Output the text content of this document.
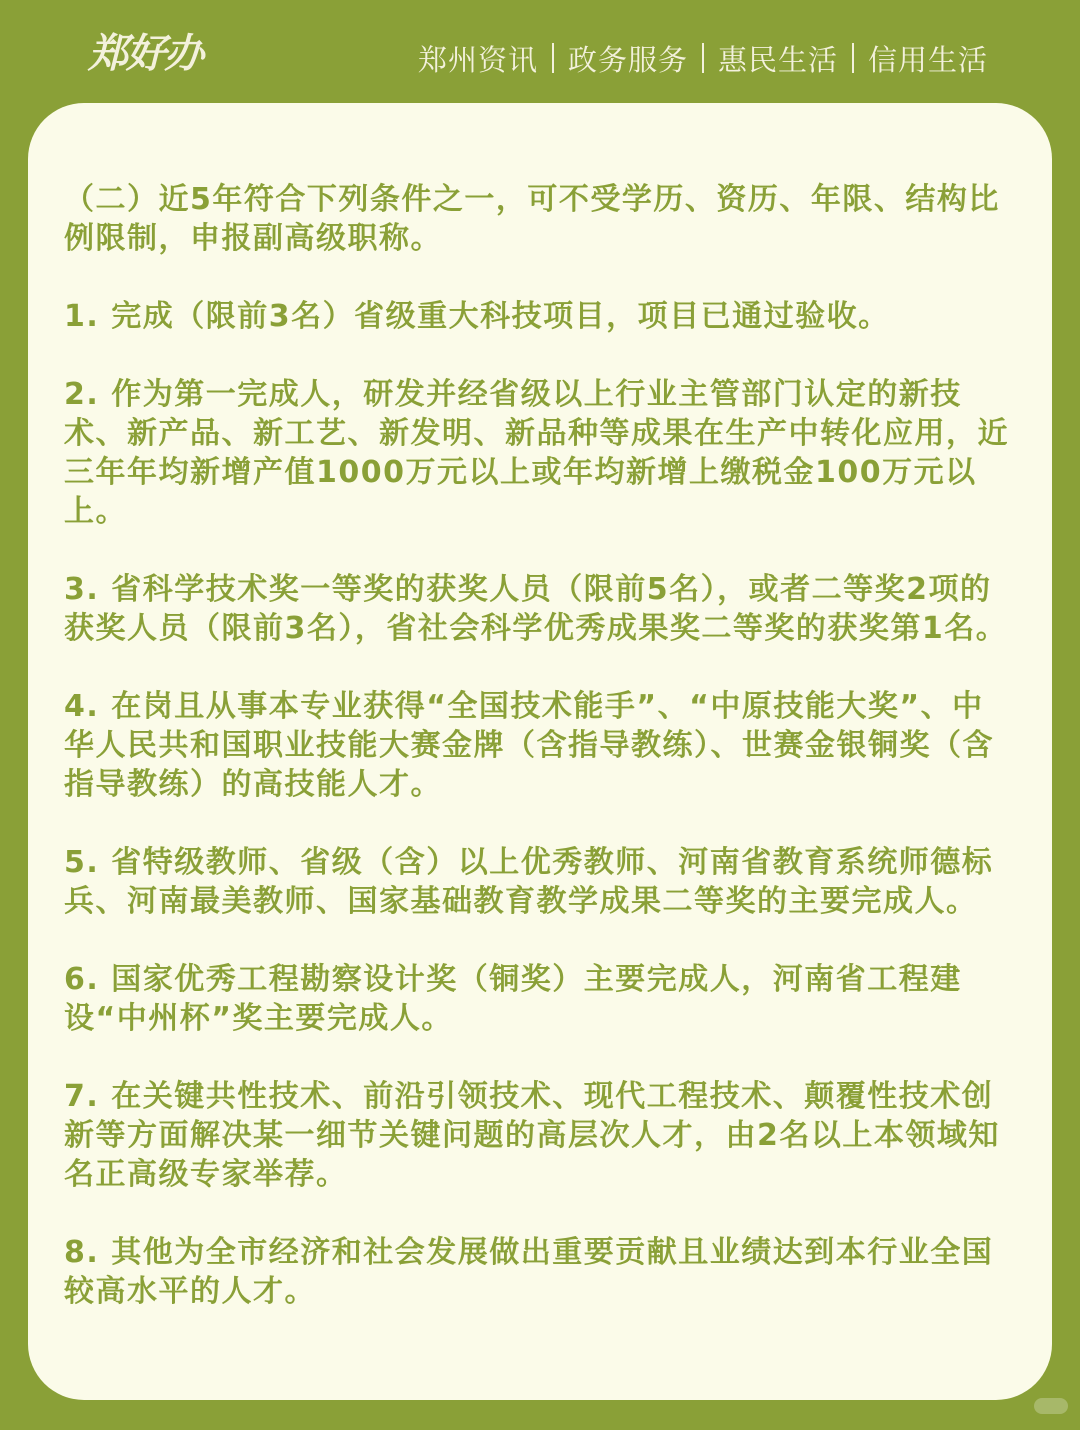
郑好办	郑州资讯 政务服务 惠民生活 信用生活

（二）近5年符合下列条件之一，可不受学历、资历、年限、结构比例限制，申报副高级职称。

1. 完成（限前3名）省级重大科技项目，项目已通过验收。

2. 作为第一完成人，研发并经省级以上行业主管部门认定的新技术、新产品、新工艺、新发明、新品种等成果在生产中转化应用，近三年年均新增产值1000万元以上或年均新增上缴税金100万元以上。

3. 省科学技术奖一等奖的获奖人员（限前5名），或者二等奖2项的获奖人员（限前3名），省社会科学优秀成果奖二等奖的获奖第1名。

4. 在岗且从事本专业获得“全国技术能手”、“中原技能大奖”、中华人民共和国职业技能大赛金牌（含指导教练）、世赛金银铜奖（含指导教练）的高技能人才。

5. 省特级教师、省级（含）以上优秀教师、河南省教育系统师德标兵、河南最美教师、国家基础教育教学成果二等奖的主要完成人。

6. 国家优秀工程勘察设计奖（铜奖）主要完成人，河南省工程建设“中州杯”奖主要完成人。

7. 在关键共性技术、前沿引领技术、现代工程技术、颠覆性技术创新等方面解决某一细节关键问题的高层次人才，由2名以上本领域知名正高级专家举荐。

8. 其他为全市经济和社会发展做出重要贡献且业绩达到本行业全国较高水平的人才。
